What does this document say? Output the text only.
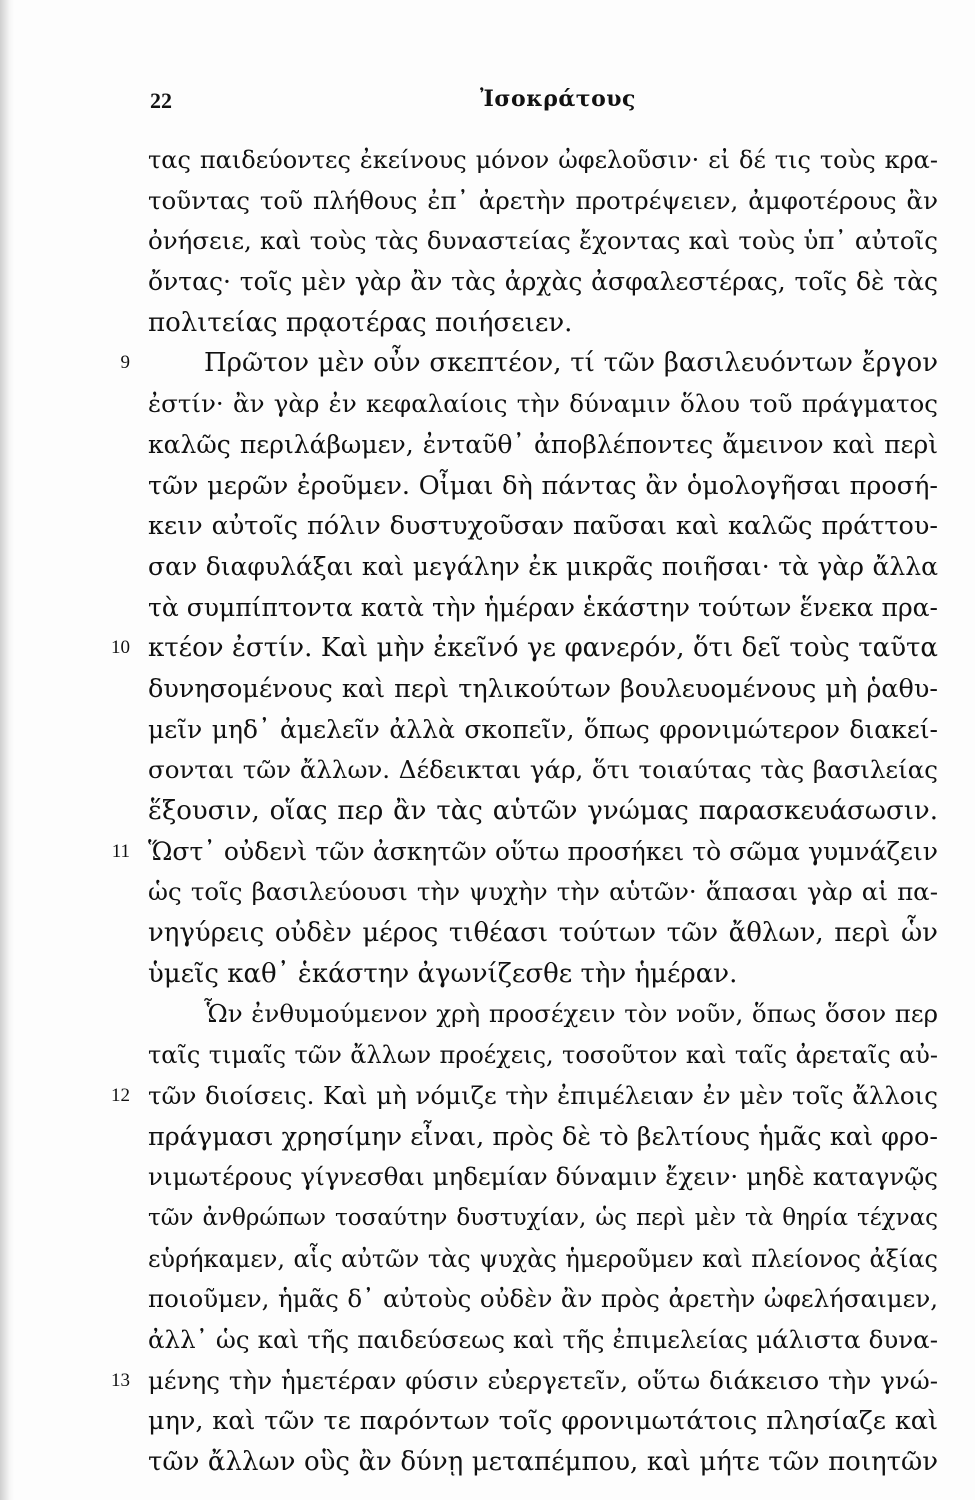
22	Ἰσοκράτους
τας παιδεύοντες ἐκείνους μόνον ὠφελοῦσιν· εἰ δέ τις τοὺς κρα-
τοῦντας τοῦ πλήθους ἐπ᾿ ἀρετὴν προτρέψειεν, ἀμφοτέρους ἂν
ὀνήσειε, καὶ τοὺς τὰς δυναστείας ἔχοντας καὶ τοὺς ὑπ᾿ αὐτοῖς
ὄντας· τοῖς μὲν γὰρ ἂν τὰς ἀρχὰς ἀσφαλεστέρας, τοῖς δὲ τὰς
πολιτείας πρᾳοτέρας ποιήσειεν.
9	Πρῶτον μὲν οὖν σκεπτέον, τί τῶν βασιλευόντων ἔργον
ἐστίν· ἂν γὰρ ἐν κεφαλαίοις τὴν δύναμιν ὅλου τοῦ πράγματος
καλῶς περιλάβωμεν, ἐνταῦθ᾿ ἀποβλέποντες ἄμεινον καὶ περὶ
τῶν μερῶν ἐροῦμεν. Οἶμαι δὴ πάντας ἂν ὁμολογῆσαι προσή-
κειν αὐτοῖς πόλιν δυστυχοῦσαν παῦσαι καὶ καλῶς πράττου-
σαν διαφυλάξαι καὶ μεγάλην ἐκ μικρᾶς ποιῆσαι· τὰ γὰρ ἄλλα
τὰ συμπίπτοντα κατὰ τὴν ἡμέραν ἑκάστην τούτων ἕνεκα πρα-
10 κτέον ἐστίν. Καὶ μὴν ἐκεῖνό γε φανερόν, ὅτι δεῖ τοὺς ταῦτα
δυνησομένους καὶ περὶ τηλικούτων βουλευομένους μὴ ῥαθυ-
μεῖν μηδ᾿ ἀμελεῖν ἀλλὰ σκοπεῖν, ὅπως φρονιμώτερον διακεί-
σονται τῶν ἄλλων. Δέδεικται γάρ, ὅτι τοιαύτας τὰς βασιλείας
ἕξουσιν, οἵας περ ἂν τὰς αὑτῶν γνώμας παρασκευάσωσιν.
11 Ὥστ᾿ οὐδενὶ τῶν ἀσκητῶν οὕτω προσήκει τὸ σῶμα γυμνάζειν
ὡς τοῖς βασιλεύουσι τὴν ψυχὴν τὴν αὑτῶν· ἅπασαι γὰρ αἱ πα-
νηγύρεις οὐδὲν μέρος τιθέασι τούτων τῶν ἄθλων, περὶ ὧν
ὑμεῖς καθ᾿ ἑκάστην ἀγωνίζεσθε τὴν ἡμέραν.
Ὧν ἐνθυμούμενον χρὴ προσέχειν τὸν νοῦν, ὅπως ὅσον περ
ταῖς τιμαῖς τῶν ἄλλων προέχεις, τοσοῦτον καὶ ταῖς ἀρεταῖς αὐ-
12 τῶν διοίσεις. Καὶ μὴ νόμιζε τὴν ἐπιμέλειαν ἐν μὲν τοῖς ἄλλοις
πράγμασι χρησίμην εἶναι, πρὸς δὲ τὸ βελτίους ἡμᾶς καὶ φρο-
νιμωτέρους γίγνεσθαι μηδεμίαν δύναμιν ἔχειν· μηδὲ καταγνῷς
τῶν ἀνθρώπων τοσαύτην δυστυχίαν, ὡς περὶ μὲν τὰ θηρία τέχνας
εὑρήκαμεν, αἷς αὐτῶν τὰς ψυχὰς ἡμεροῦμεν καὶ πλείονος ἀξίας
ποιοῦμεν, ἡμᾶς δ᾿ αὐτοὺς οὐδὲν ἂν πρὸς ἀρετὴν ὠφελήσαιμεν,
ἀλλ᾿ ὡς καὶ τῆς παιδεύσεως καὶ τῆς ἐπιμελείας μάλιστα δυνα-
13 μένης τὴν ἡμετέραν φύσιν εὐεργετεῖν, οὕτω διάκεισο τὴν γνώ-
μην, καὶ τῶν τε παρόντων τοῖς φρονιμωτάτοις πλησίαζε καὶ
τῶν ἄλλων οὓς ἂν δύνῃ μεταπέμπου, καὶ μήτε τῶν ποιητῶν
